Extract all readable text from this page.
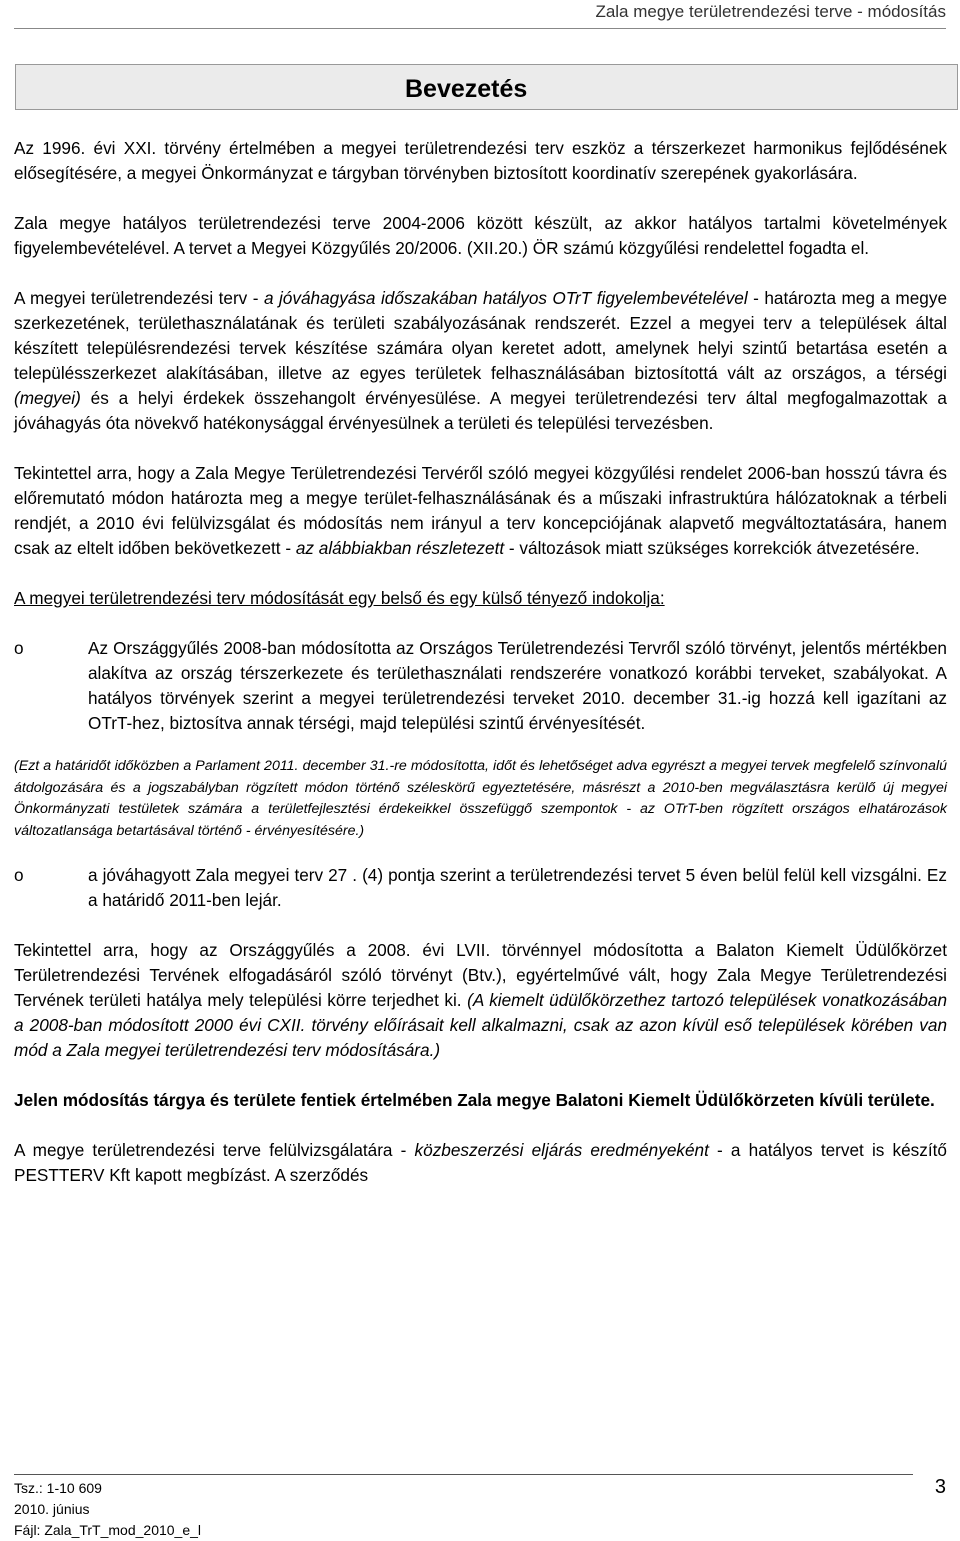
Zala megye területrendezési terve - módosítás
Bevezetés

Az 1996. évi XXI. törvény értelmében a megyei területrendezési terv eszköz a térszerkezet harmonikus fejlődésének elősegítésére, a megyei Önkormányzat e tárgyban törvényben biztosított koordinatív szerepének gyakorlására.

Zala megye hatályos területrendezési terve 2004-2006 között készült, az akkor hatályos tartalmi követelmények figyelembevételével. A tervet a Megyei Közgyűlés 20/2006. (XII.20.) ÖR számú közgyűlési rendelettel fogadta el.

A megyei területrendezési terv - a jóváhagyása időszakában hatályos OTrT figyelembevételével - határozta meg a megye szerkezetének, területhasználatának és területi szabályozásának rendszerét. Ezzel a megyei terv a települések által készített településrendezési tervek készítése számára olyan keretet adott, amelynek helyi szintű betartása esetén a településszerkezet alakításában, illetve az egyes területek felhasználásában biztosítottá vált az országos, a térségi (megyei) és a helyi érdekek összehangolt érvényesülése. A megyei területrendezési terv által megfogalmazottak a jóváhagyás óta növekvő hatékonysággal érvényesülnek a területi és települési tervezésben.

Tekintettel arra, hogy a Zala Megye Területrendezési Tervéről szóló megyei közgyűlési rendelet 2006-ban hosszú távra és előremutató módon határozta meg a megye terület-felhasználásának és a műszaki infrastruktúra hálózatoknak a térbeli rendjét, a 2010 évi felülvizsgálat és módosítás nem irányul a terv koncepciójának alapvető megváltoztatására, hanem csak az eltelt időben bekövetkezett - az alábbiakban részletezett - változások miatt szükséges korrekciók átvezetésére.

A megyei területrendezési terv módosítását egy belső és egy külső tényező indokolja:

o	Az Országgyűlés 2008-ban módosította az Országos Területrendezési Tervről szóló törvényt, jelentős mértékben alakítva az ország térszerkezete és területhasználati rendszerére vonatkozó korábbi terveket, szabályokat. A hatályos törvények szerint a megyei területrendezési terveket 2010. december 31.-ig hozzá kell igazítani az OTrT-hez, biztosítva annak térségi, majd települési szintű érvényesítését.

(Ezt a határidőt időközben a Parlament 2011. december 31.-re módosította, időt és lehetőséget adva egyrészt a megyei tervek megfelelő színvonalú átdolgozására és a jogszabályban rögzített módon történő széleskörű egyeztetésére, másrészt a 2010-ben megválasztásra kerülő új megyei Önkormányzati testületek számára a területfejlesztési érdekeikkel összefüggő szempontok - az OTrT-ben rögzített országos elhatározások változatlansága betartásával történő - érvényesítésére.)

o	a jóváhagyott Zala megyei terv 27 . (4) pontja szerint a területrendezési tervet 5 éven belül felül kell vizsgálni. Ez a határidő 2011-ben lejár.

Tekintettel arra, hogy az Országgyűlés a 2008. évi LVII. törvénnyel módosította a Balaton Kiemelt Üdülőkörzet Területrendezési Tervének elfogadásáról szóló törvényt (Btv.), egyértelművé vált, hogy Zala Megye Területrendezési Tervének területi hatálya mely települési körre terjedhet ki. (A kiemelt üdülőkörzethez tartozó települések vonatkozásában a 2008-ban módosított 2000 évi CXII. törvény előírásait kell alkalmazni, csak az azon kívül eső települések körében van mód a Zala megyei területrendezési terv módosítására.)

Jelen módosítás tárgya és területe fentiek értelmében Zala megye Balatoni Kiemelt Üdülőkörzeten kívüli területe.

A megye területrendezési terve felülvizsgálatára - közbeszerzési eljárás eredményeként - a hatályos tervet is készítő PESTTERV Kft kapott megbízást. A szerződés

Tsz.: 1-10 609
2010. június
Fájl: Zala_TrT_mod_2010_e_l
3
